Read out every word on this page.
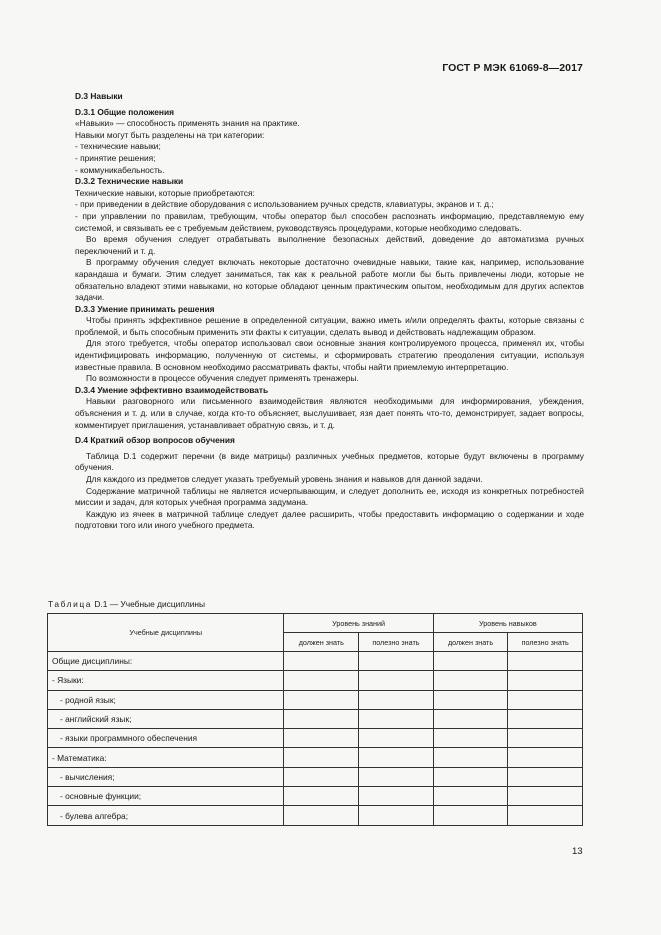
ГОСТ Р МЭК 61069-8—2017

D.3 Навыки

D.3.1 Общие положения

«Навыки» — способность применять знания на практике.

Навыки могут быть разделены на три категории:

- технические навыки;

- принятие решения;

- коммуникабельность.

D.3.2 Технические навыки

Технические навыки, которые приобретаются:

- при приведении в действие оборудования с использованием ручных средств, клавиатуры, экранов и т. д.;

- при управлении по правилам, требующим, чтобы оператор был способен распознать информацию, представляемую ему системой, и связывать ее с требуемым действием, руководствуясь процедурами, которые необходимо следовать.

Во время обучения следует отрабатывать выполнение безопасных действий, доведение до автоматизма ручных переключений и т. д.

В программу обучения следует включать некоторые достаточно очевидные навыки, такие как, например, использование карандаша и бумаги. Этим следует заниматься, так как к реальной работе могли бы быть привлечены люди, которые не обязательно владеют этими навыками, но которые обладают ценным практическим опытом, необходимым для других аспектов задачи.

D.3.3 Умение принимать решения

Чтобы принять эффективное решение в определенной ситуации, важно иметь и/или определять факты, которые связаны с проблемой, и быть способным применить эти факты к ситуации, сделать вывод и действовать надлежащим образом.

Для этого требуется, чтобы оператор использовал свои основные знания контролируемого процесса, применял их, чтобы идентифицировать информацию, полученную от системы, и сформировать стратегию преодоления ситуации, используя известные правила. В основном необходимо рассматривать факты, чтобы найти приемлемую интерпретацию.

По возможности в процессе обучения следует применять тренажеры.

D.3.4 Умение эффективно взаимодействовать

Навыки разговорного или письменного взаимодействия являются необходимыми для информирования, убеждения, объяснения и т. д. или в случае, когда кто-то объясняет, выслушивает, язя дает понять что-то, демонстрирует, задает вопросы, комментирует приглашения, устанавливает обратную связь, и т. д.

D.4 Краткий обзор вопросов обучения

Таблица D.1 содержит перечни (в виде матрицы) различных учебных предметов, которые будут включены в программу обучения.

Для каждого из предметов следует указать требуемый уровень знания и навыков для данной задачи.

Содержание матричной таблицы не является исчерпывающим, и следует дополнить ее, исходя из конкретных потребностей миссии и задач, для которых учебная программа задумана.

Каждую из ячеек в матричной таблице следует далее расширить, чтобы предоставить информацию о содержании и ходе подготовки того или иного учебного предмета.

Таблица D.1 — Учебные дисциплины
Учебные дисциплины	Уровень знаний		Уровень навыков	
	должен знать	полезно знать	должен знать	полезно знать
Общие дисциплины:				
- Языки:				
- родной язык;				
- английский язык;				
- языки программного обеспечения				
- Математика:				
- вычисления;				
- основные функции;				
- булева алгебра;				
13
